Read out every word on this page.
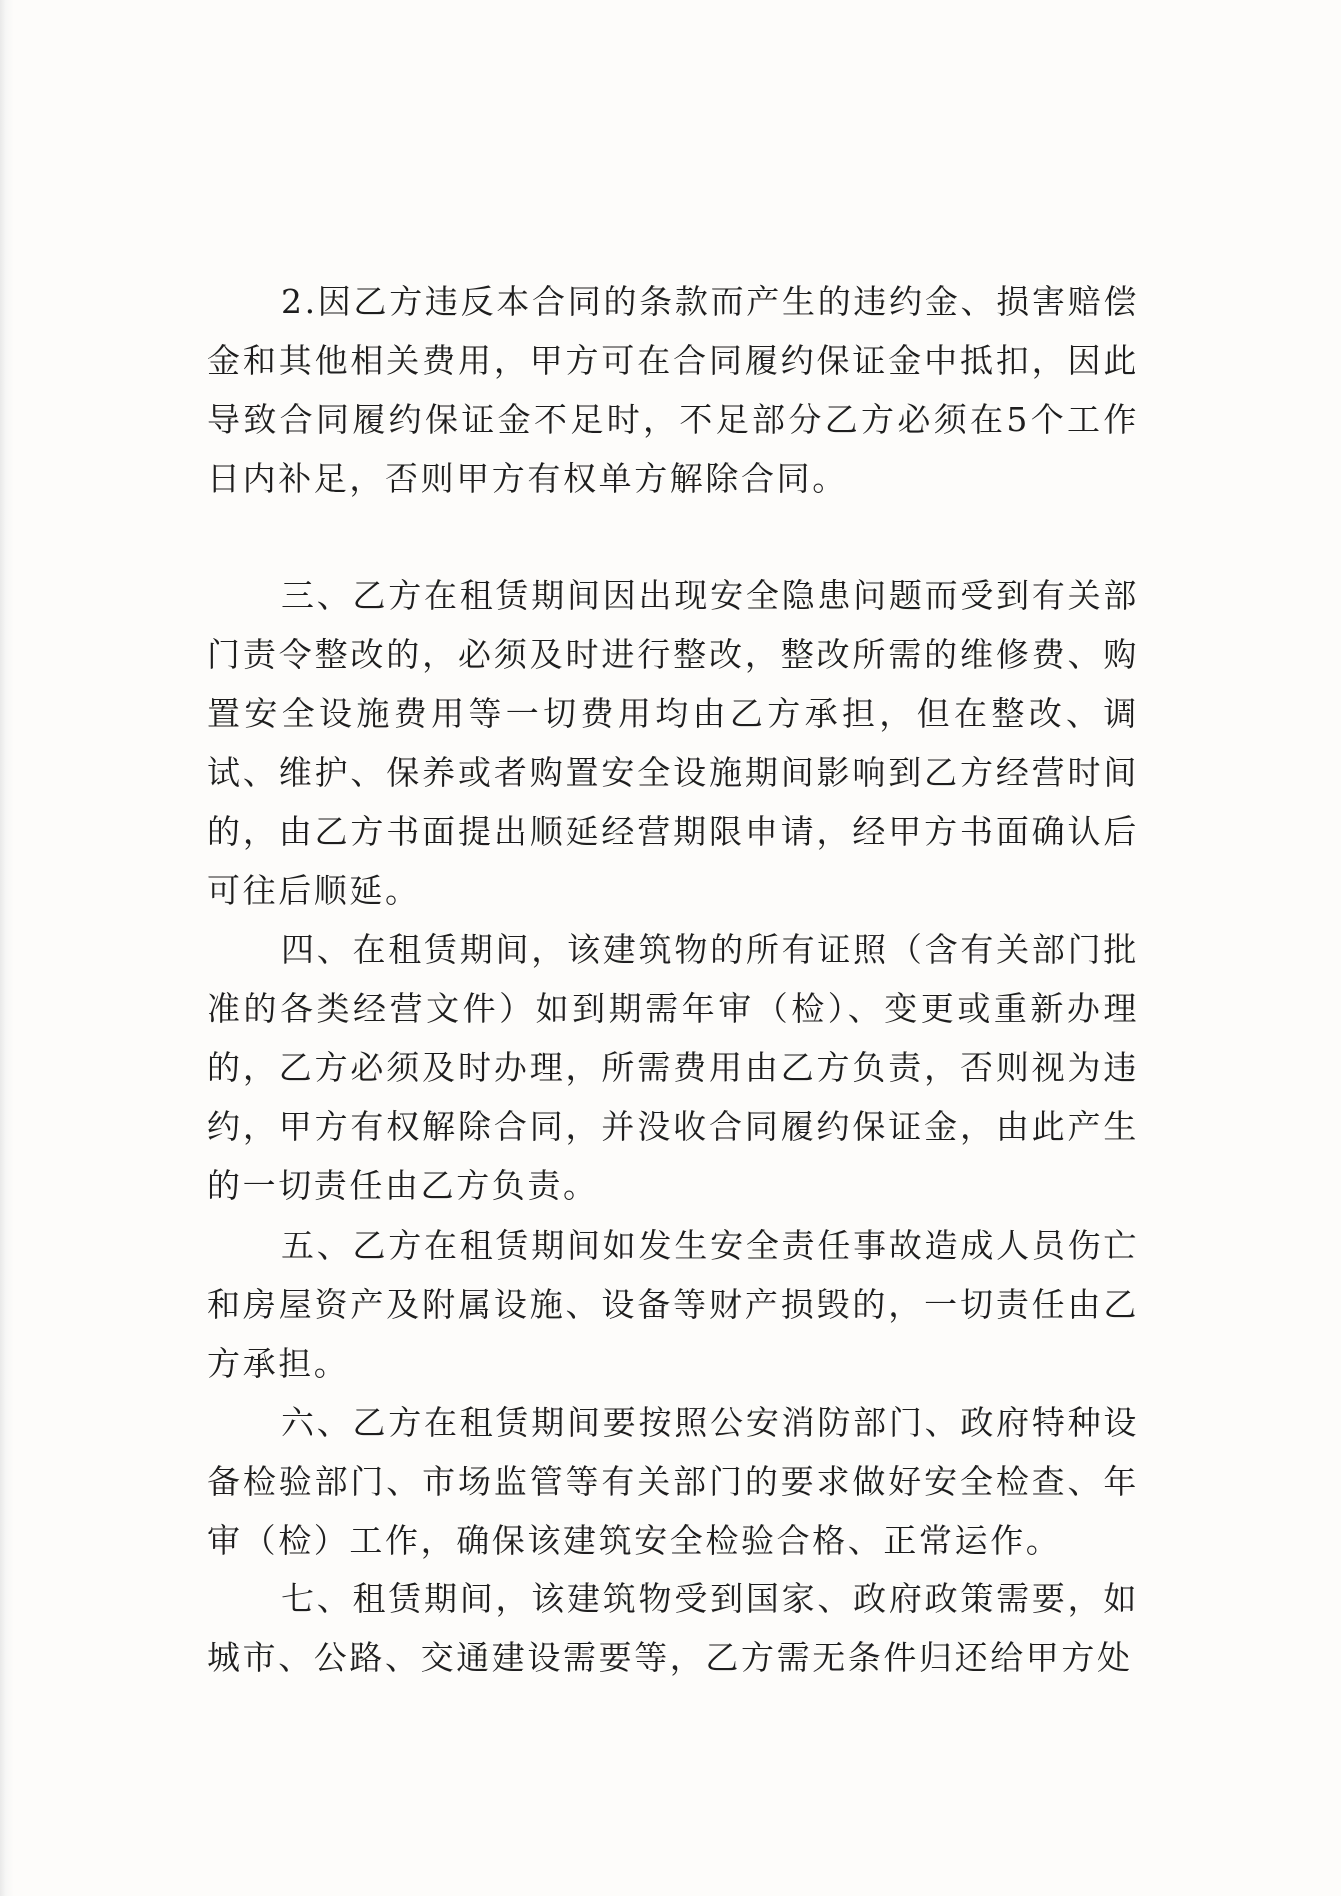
2.因乙方违反本合同的条款而产生的违约金、损害赔偿金和其他相关费用，甲方可在合同履约保证金中抵扣，因此导致合同履约保证金不足时，不足部分乙方必须在5个工作日内补足，否则甲方有权单方解除合同。

三、乙方在租赁期间因出现安全隐患问题而受到有关部门责令整改的，必须及时进行整改，整改所需的维修费、购置安全设施费用等一切费用均由乙方承担，但在整改、调试、维护、保养或者购置安全设施期间影响到乙方经营时间的，由乙方书面提出顺延经营期限申请，经甲方书面确认后可往后顺延。

四、在租赁期间，该建筑物的所有证照（含有关部门批准的各类经营文件）如到期需年审（检）、变更或重新办理的，乙方必须及时办理，所需费用由乙方负责，否则视为违约，甲方有权解除合同，并没收合同履约保证金，由此产生的一切责任由乙方负责。

五、乙方在租赁期间如发生安全责任事故造成人员伤亡和房屋资产及附属设施、设备等财产损毁的，一切责任由乙方承担。

六、乙方在租赁期间要按照公安消防部门、政府特种设备检验部门、市场监管等有关部门的要求做好安全检查、年审（检）工作，确保该建筑安全检验合格、正常运作。

七、租赁期间，该建筑物受到国家、政府政策需要，如城市、公路、交通建设需要等，乙方需无条件归还给甲方处
